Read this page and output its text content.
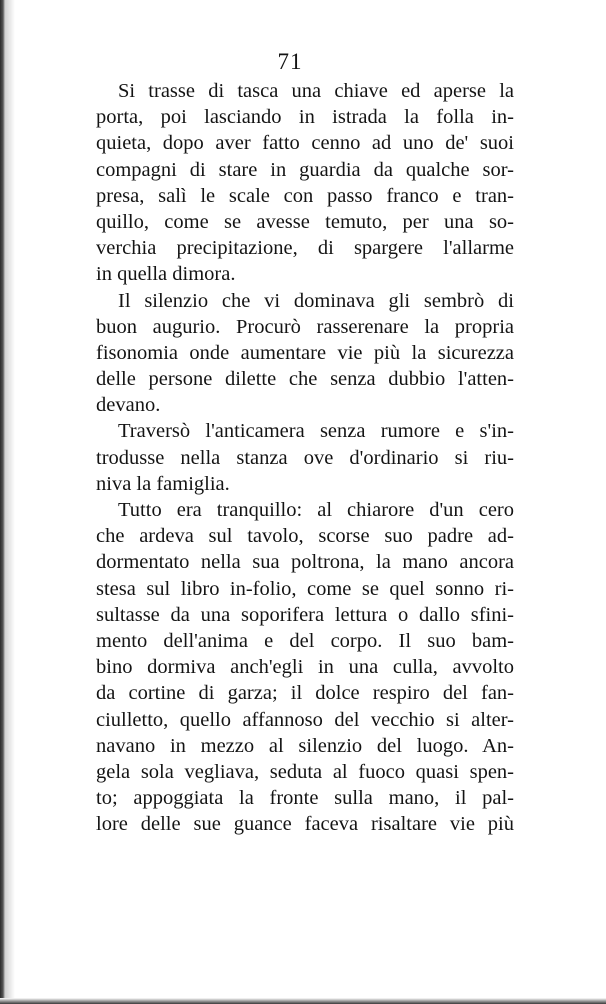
71
Si trasse di tasca una chiave ed aperse la
porta, poi lasciando in istrada la folla in-
quieta, dopo aver fatto cenno ad uno de' suoi
compagni di stare in guardia da qualche sor-
presa, salì le scale con passo franco e tran-
quillo, come se avesse temuto, per una so-
verchia precipitazione, di spargere l'allarme
in quella dimora.
Il silenzio che vi dominava gli sembrò di
buon augurio. Procurò rasserenare la propria
fisonomia onde aumentare vie più la sicurezza
delle persone dilette che senza dubbio l'atten-
devano.
Traversò l'anticamera senza rumore e s'in-
trodusse nella stanza ove d'ordinario si riu-
niva la famiglia.
Tutto era tranquillo: al chiarore d'un cero
che ardeva sul tavolo, scorse suo padre ad-
dormentato nella sua poltrona, la mano ancora
stesa sul libro in-folio, come se quel sonno ri-
sultasse da una soporifera lettura o dallo sfini-
mento dell'anima e del corpo. Il suo bam-
bino dormiva anch'egli in una culla, avvolto
da cortine di garza; il dolce respiro del fan-
ciulletto, quello affannoso del vecchio si alter-
navano in mezzo al silenzio del luogo. An-
gela sola vegliava, seduta al fuoco quasi spen-
to; appoggiata la fronte sulla mano, il pal-
lore delle sue guance faceva risaltare vie più
